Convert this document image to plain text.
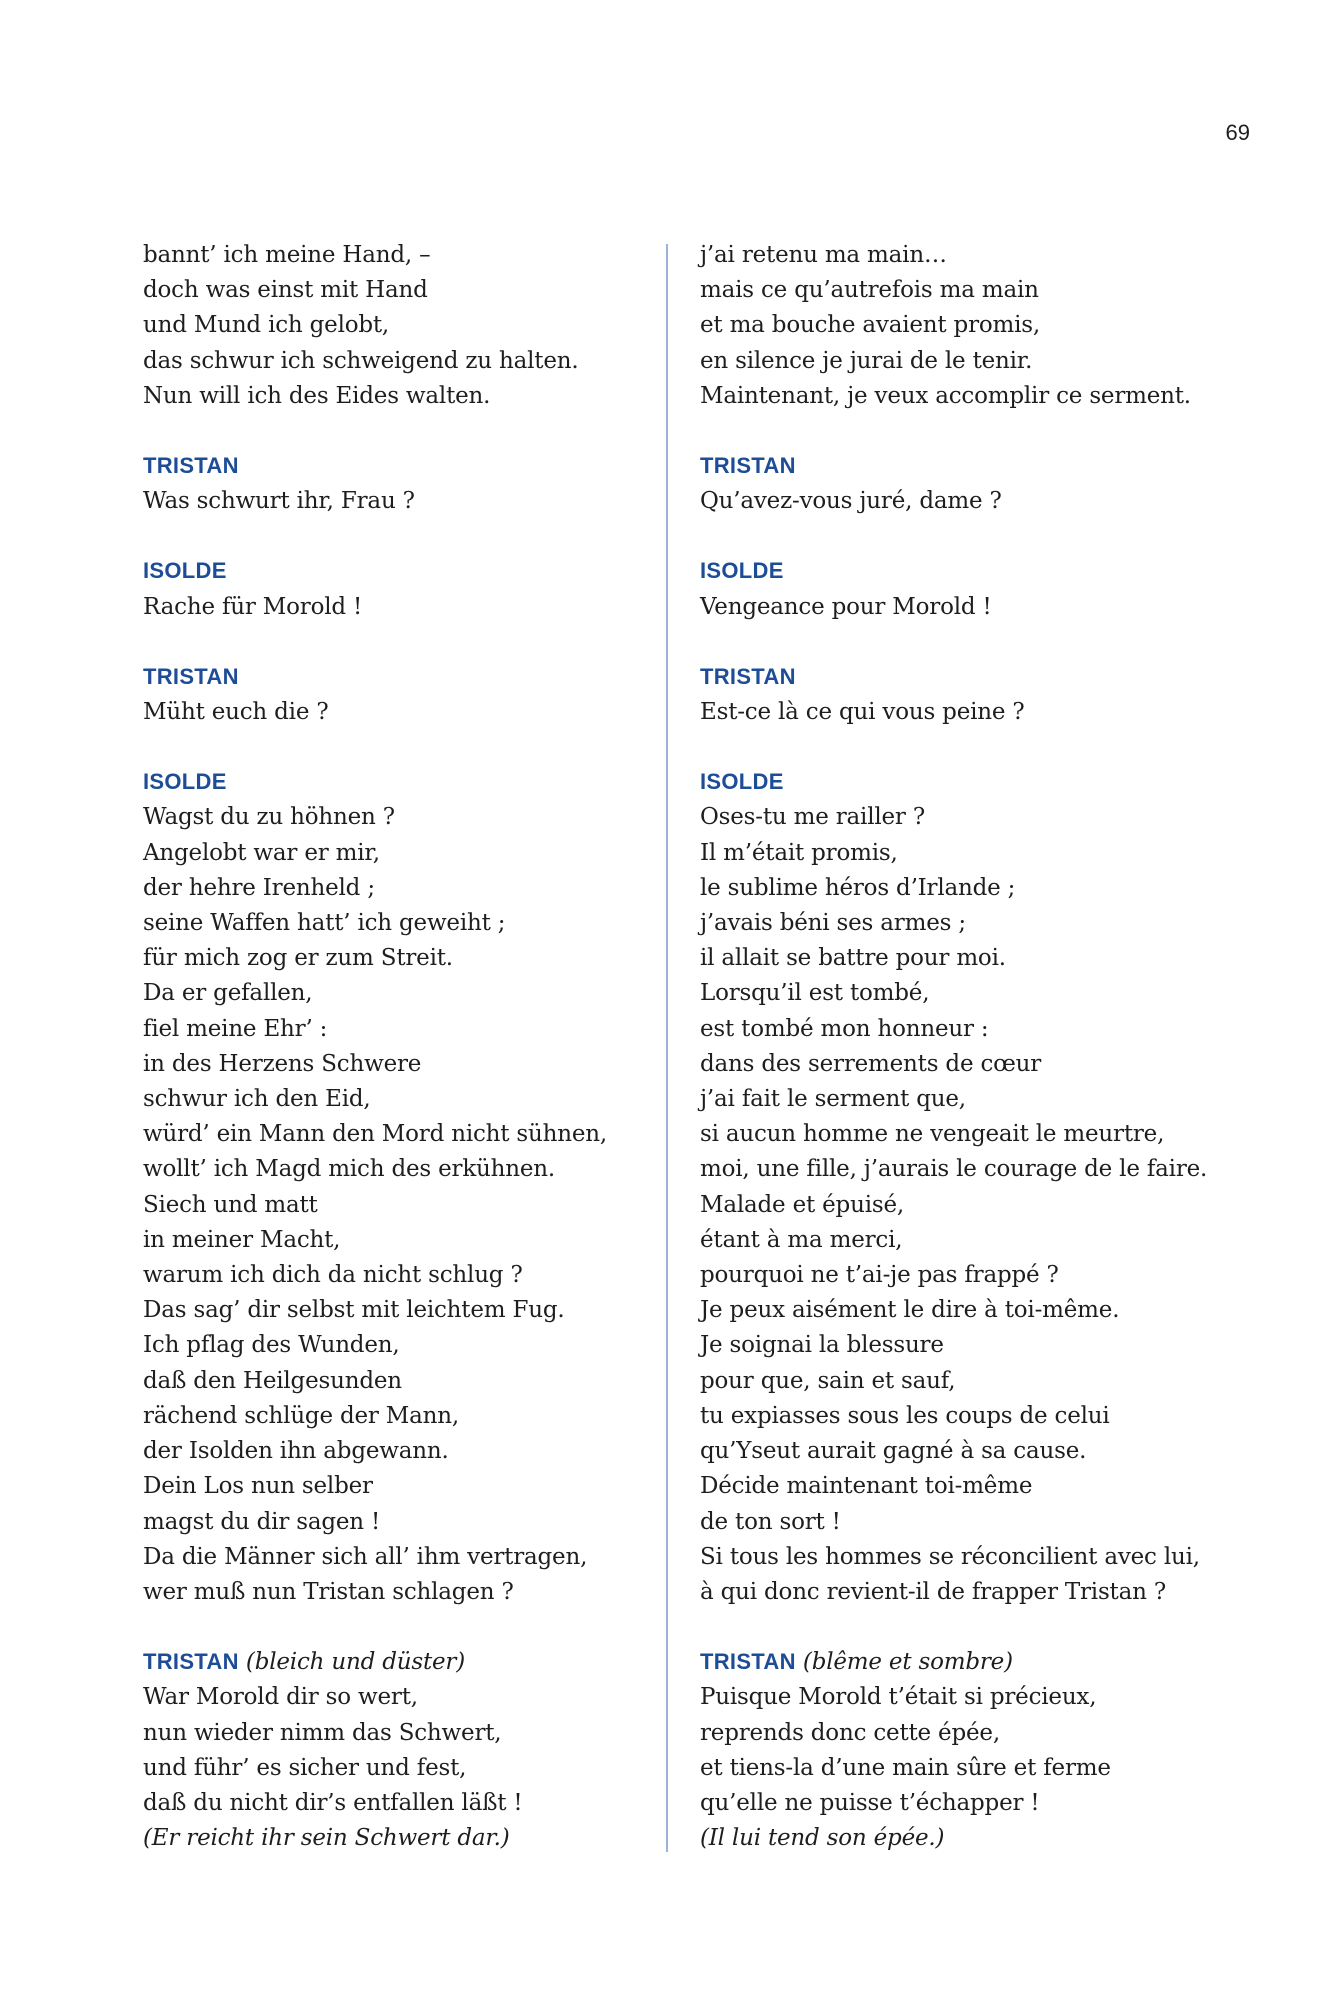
69
bannt’ ich meine Hand, –
doch was einst mit Hand
und Mund ich gelobt,
das schwur ich schweigend zu halten.
Nun will ich des Eides walten.
TRISTAN
Was schwurt ihr, Frau ?
ISOLDE
Rache für Morold !
TRISTAN
Müht euch die ?
ISOLDE
Wagst du zu höhnen ?
Angelobt war er mir,
der hehre Irenheld ;
seine Waffen hatt’ ich geweiht ;
für mich zog er zum Streit.
Da er gefallen,
fiel meine Ehr’ :
in des Herzens Schwere
schwur ich den Eid,
würd’ ein Mann den Mord nicht sühnen,
wollt’ ich Magd mich des erkühnen.
Siech und matt
in meiner Macht,
warum ich dich da nicht schlug ?
Das sag’ dir selbst mit leichtem Fug.
Ich pflag des Wunden,
daß den Heilgesunden
rächend schlüge der Mann,
der Isolden ihn abgewann.
Dein Los nun selber
magst du dir sagen !
Da die Männer sich all’ ihm vertragen,
wer muß nun Tristan schlagen ?
TRISTAN (bleich und düster)
War Morold dir so wert,
nun wieder nimm das Schwert,
und führ’ es sicher und fest,
daß du nicht dir’s entfallen läßt !
(Er reicht ihr sein Schwert dar.)
j’ai retenu ma main…
mais ce qu’autrefois ma main
et ma bouche avaient promis,
en silence je jurai de le tenir.
Maintenant, je veux accomplir ce serment.
TRISTAN
Qu’avez-vous juré, dame ?
ISOLDE
Vengeance pour Morold !
TRISTAN
Est-ce là ce qui vous peine ?
ISOLDE
Oses-tu me railler ?
Il m’était promis,
le sublime héros d’Irlande ;
j’avais béni ses armes ;
il allait se battre pour moi.
Lorsqu’il est tombé,
est tombé mon honneur :
dans des serrements de cœur
j’ai fait le serment que,
si aucun homme ne vengeait le meurtre,
moi, une fille, j’aurais le courage de le faire.
Malade et épuisé,
étant à ma merci,
pourquoi ne t’ai-je pas frappé ?
Je peux aisément le dire à toi-même.
Je soignai la blessure
pour que, sain et sauf,
tu expiasses sous les coups de celui
qu’Yseut aurait gagné à sa cause.
Décide maintenant toi-même
de ton sort !
Si tous les hommes se réconcilient avec lui,
à qui donc revient-il de frapper Tristan ?
TRISTAN (blême et sombre)
Puisque Morold t’était si précieux,
reprends donc cette épée,
et tiens-la d’une main sûre et ferme
qu’elle ne puisse t’échapper !
(Il lui tend son épée.)
